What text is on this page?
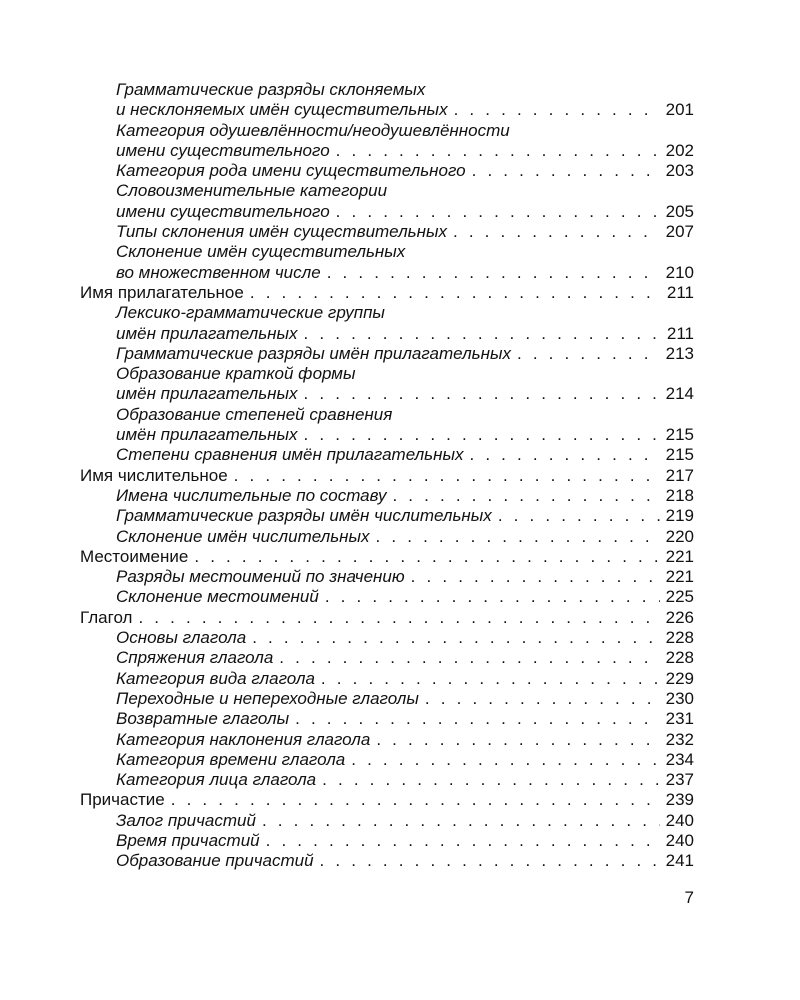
Грамматические разряды склоняемых
и несклоняемых имён существительных . . .	201
Категория одушевлённости/неодушевлённости
имени существительного . . .	202
Категория рода имени существительного . . .	203
Словоизменительные категории
имени существительного . . .	205
Типы склонения имён существительных . . .	207
Склонение имён существительных
во множественном числе . . .	210
Имя прилагательное . . .	211
Лексико-грамматические группы
имён прилагательных . . .	211
Грамматические разряды имён прилагательных . . .	213
Образование краткой формы
имён прилагательных . . .	214
Образование степеней сравнения
имён прилагательных . . .	215
Степени сравнения имён прилагательных . . .	215
Имя числительное . . .	217
Имена числительные по составу . . .	218
Грамматические разряды имён числительных . . .	219
Склонение имён числительных . . .	220
Местоимение . . .	221
Разряды местоимений по значению . . .	221
Склонение местоимений . . .	225
Глагол . . .	226
Основы глагола . . .	228
Спряжения глагола . . .	228
Категория вида глагола . . .	229
Переходные и непереходные глаголы . . .	230
Возвратные глаголы . . .	231
Категория наклонения глагола . . .	232
Категория времени глагола . . .	234
Категория лица глагола . . .	237
Причастие . . .	239
Залог причастий . . .	240
Время причастий . . .	240
Образование причастий . . .	241
7
